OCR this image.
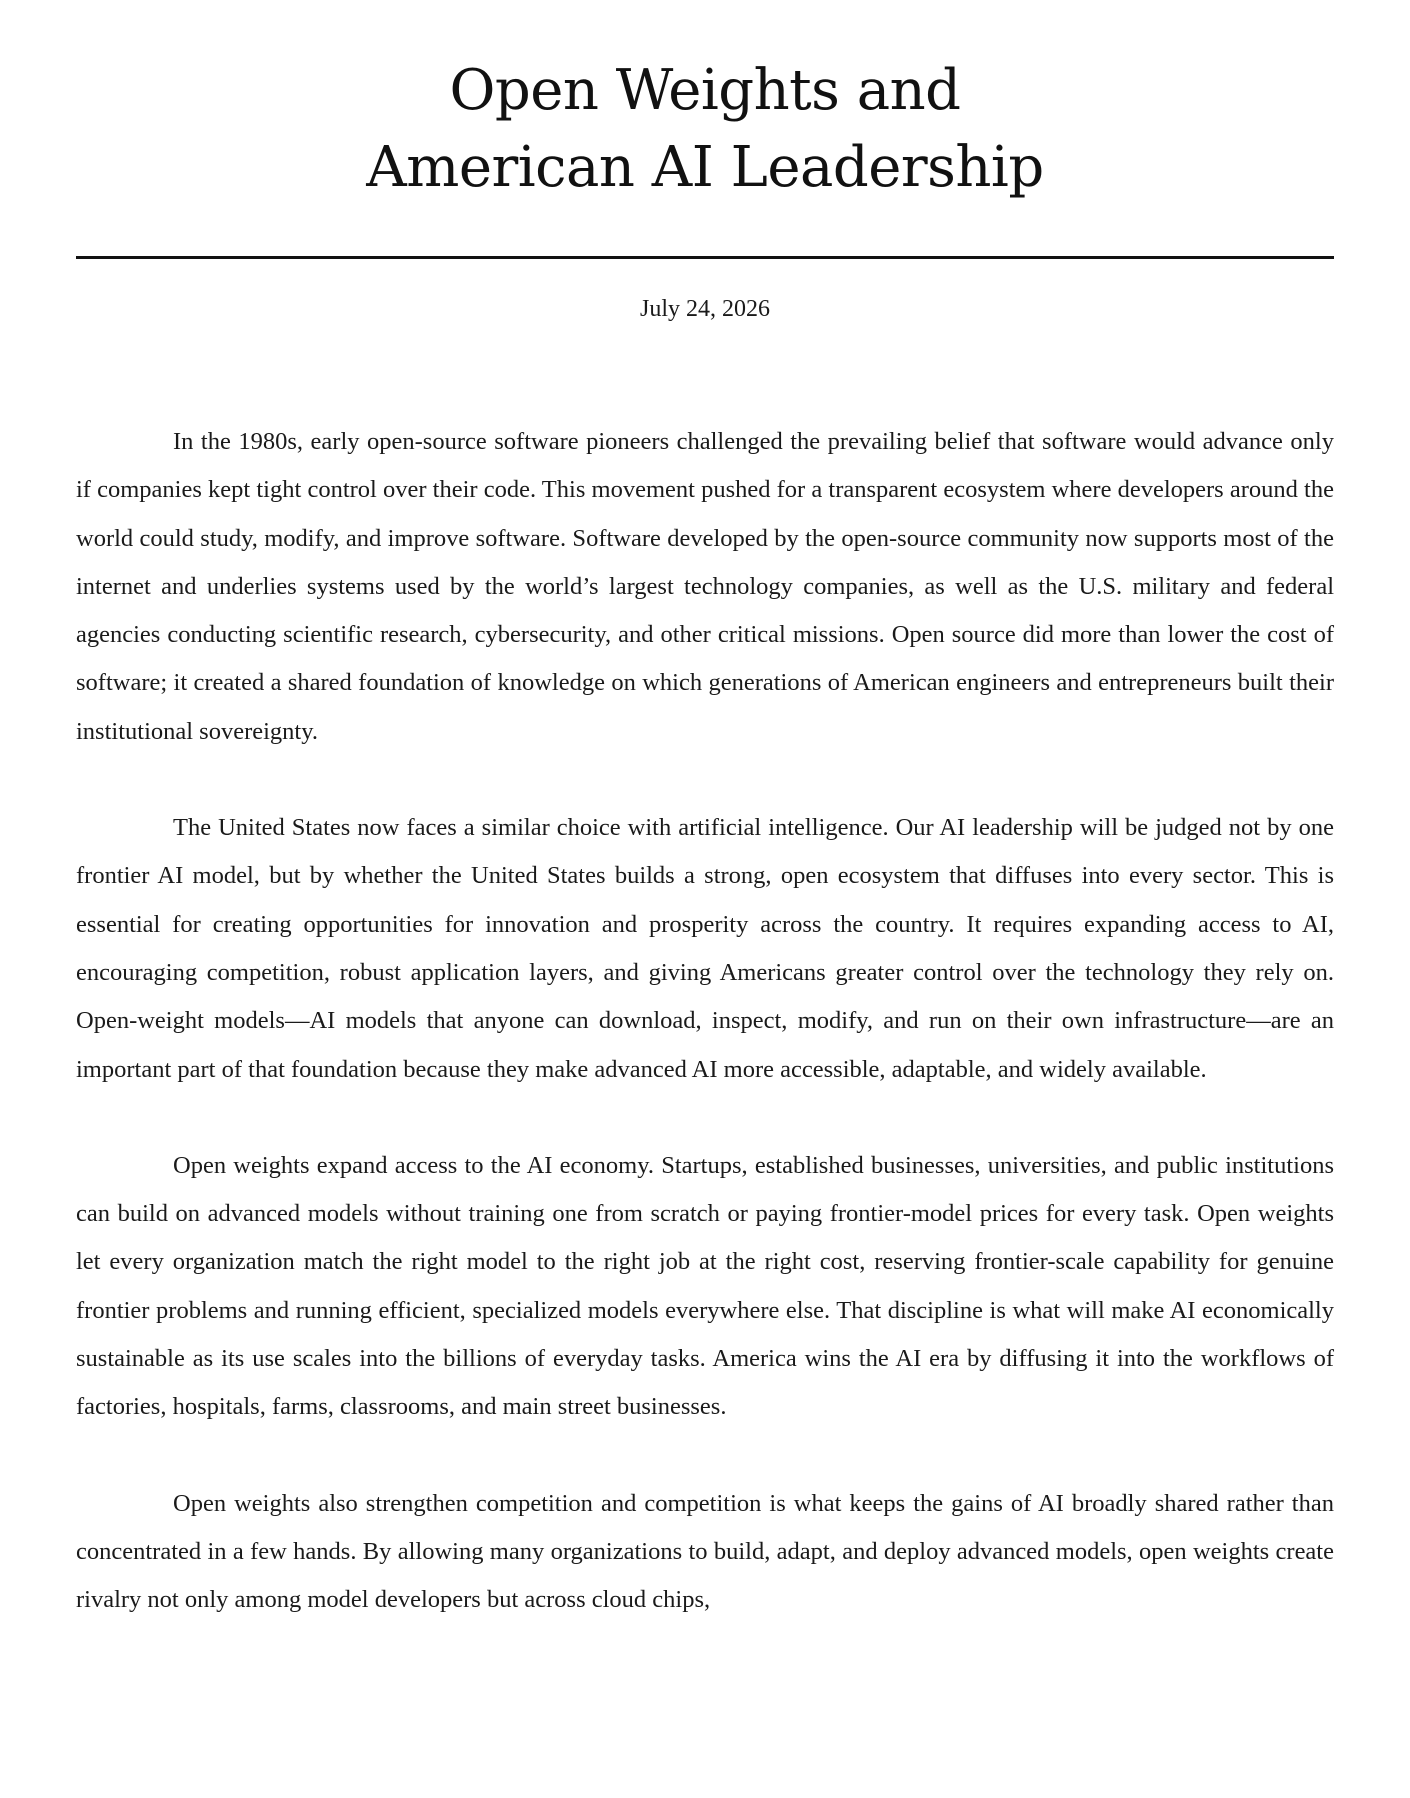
Open Weights and
American AI Leadership
July 24, 2026

In the 1980s, early open-source software pioneers challenged the prevailing belief that software would advance only if companies kept tight control over their code. This movement pushed for a transparent ecosystem where developers around the world could study, modify, and improve software. Software developed by the open-source community now supports most of the internet and underlies systems used by the world’s largest technology companies, as well as the U.S. military and federal agencies conducting scientific research, cybersecurity, and other critical missions. Open source did more than lower the cost of software; it created a shared foundation of knowledge on which generations of American engineers and entrepreneurs built their institutional sovereignty.

The United States now faces a similar choice with artificial intelligence. Our AI leadership will be judged not by one frontier AI model, but by whether the United States builds a strong, open ecosystem that diffuses into every sector. This is essential for creating opportunities for innovation and prosperity across the country. It requires expanding access to AI, encouraging competition, robust application layers, and giving Americans greater control over the technology they rely on. Open-weight models—AI models that anyone can download, inspect, modify, and run on their own infrastructure—are an important part of that foundation because they make advanced AI more accessible, adaptable, and widely available.

Open weights expand access to the AI economy. Startups, established businesses, universities, and public institutions can build on advanced models without training one from scratch or paying frontier-model prices for every task. Open weights let every organization match the right model to the right job at the right cost, reserving frontier-scale capability for genuine frontier problems and running efficient, specialized models everywhere else. That discipline is what will make AI economically sustainable as its use scales into the billions of everyday tasks. America wins the AI era by diffusing it into the workflows of factories, hospitals, farms, classrooms, and main street businesses.

Open weights also strengthen competition and competition is what keeps the gains of AI broadly shared rather than concentrated in a few hands. By allowing many organizations to build, adapt, and deploy advanced models, open weights create rivalry not only among model developers but across cloud chips,
